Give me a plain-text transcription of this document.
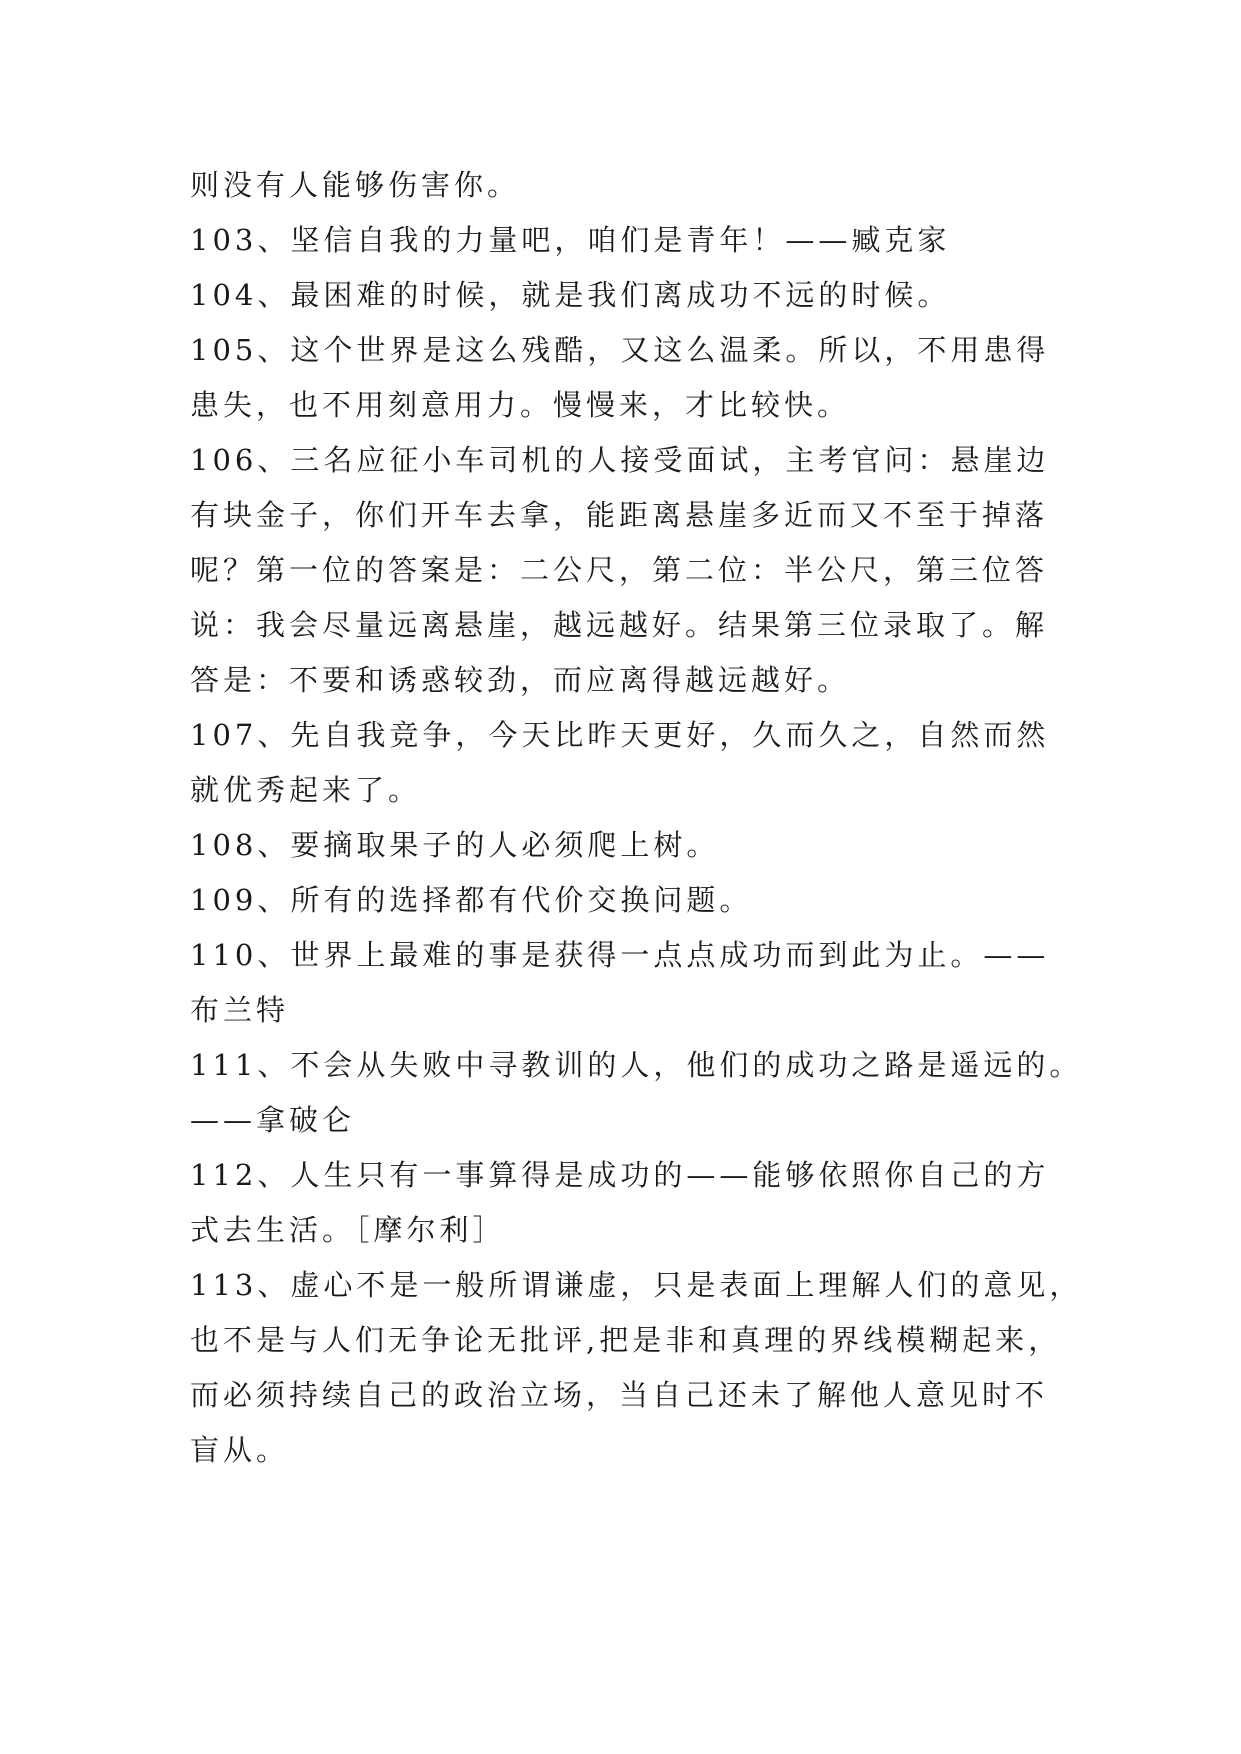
则没有人能够伤害你。
103、坚信自我的力量吧，咱们是青年！——臧克家
104、最困难的时候，就是我们离成功不远的时候。
105、这个世界是这么残酷，又这么温柔。所以，不用患得
患失，也不用刻意用力。慢慢来，才比较快。
106、三名应征小车司机的人接受面试，主考官问：悬崖边
有块金子，你们开车去拿，能距离悬崖多近而又不至于掉落
呢？第一位的答案是：二公尺，第二位：半公尺，第三位答
说：我会尽量远离悬崖，越远越好。结果第三位录取了。解
答是：不要和诱惑较劲，而应离得越远越好。
107、先自我竞争，今天比昨天更好，久而久之，自然而然
就优秀起来了。
108、要摘取果子的人必须爬上树。
109、所有的选择都有代价交换问题。
110、世界上最难的事是获得一点点成功而到此为止。——
布兰特
111、不会从失败中寻教训的人，他们的成功之路是遥远的。
——拿破仑
112、人生只有一事算得是成功的——能够依照你自己的方
式去生活。［摩尔利］
113、虚心不是一般所谓谦虚，只是表面上理解人们的意见，
也不是与人们无争论无批评,把是非和真理的界线模糊起来，
而必须持续自己的政治立场，当自己还未了解他人意见时不
盲从。
